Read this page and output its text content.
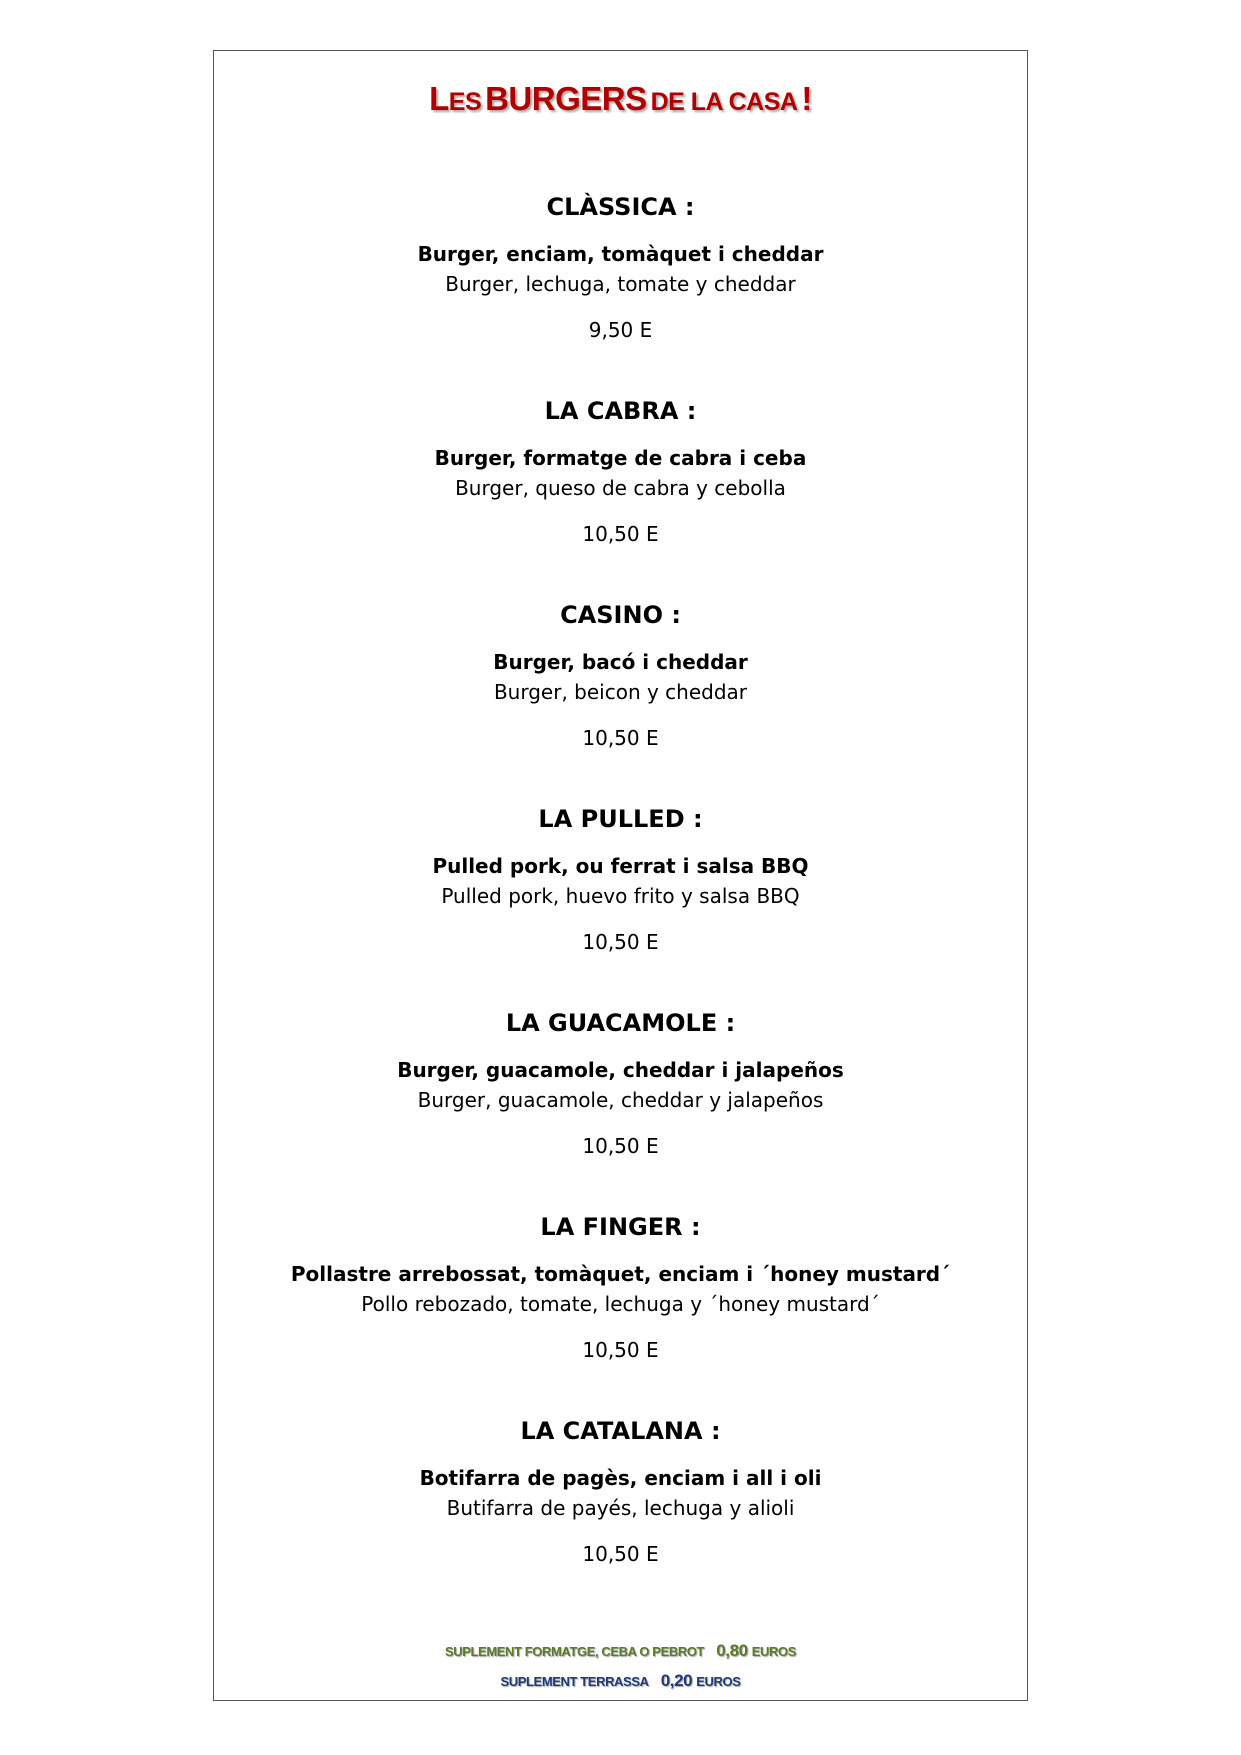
LES BURGERS DE LA CASA !
CLÀSSICA :
Burger, enciam, tomàquet i cheddar
Burger, lechuga, tomate y cheddar
9,50 E
LA CABRA :
Burger, formatge de cabra i ceba
Burger, queso de cabra y cebolla
10,50 E
CASINO :
Burger, bacó i cheddar
Burger, beicon y cheddar
10,50 E
LA PULLED :
Pulled pork, ou ferrat i salsa BBQ
Pulled pork, huevo frito y salsa BBQ
10,50 E
LA GUACAMOLE :
Burger, guacamole, cheddar i jalapeños
Burger, guacamole, cheddar y jalapeños
10,50 E
LA FINGER :
Pollastre arrebossat, tomàquet, enciam i ´honey mustard´
Pollo rebozado, tomate, lechuga y ´honey mustard´
10,50 E
LA CATALANA :
Botifarra de pagès, enciam i all i oli
Butifarra de payés, lechuga y alioli
10,50 E
SUPLEMENT FORMATGE, CEBA O PEBROT 0,80 EUROS
SUPLEMENT TERRASSA 0,20 EUROS
